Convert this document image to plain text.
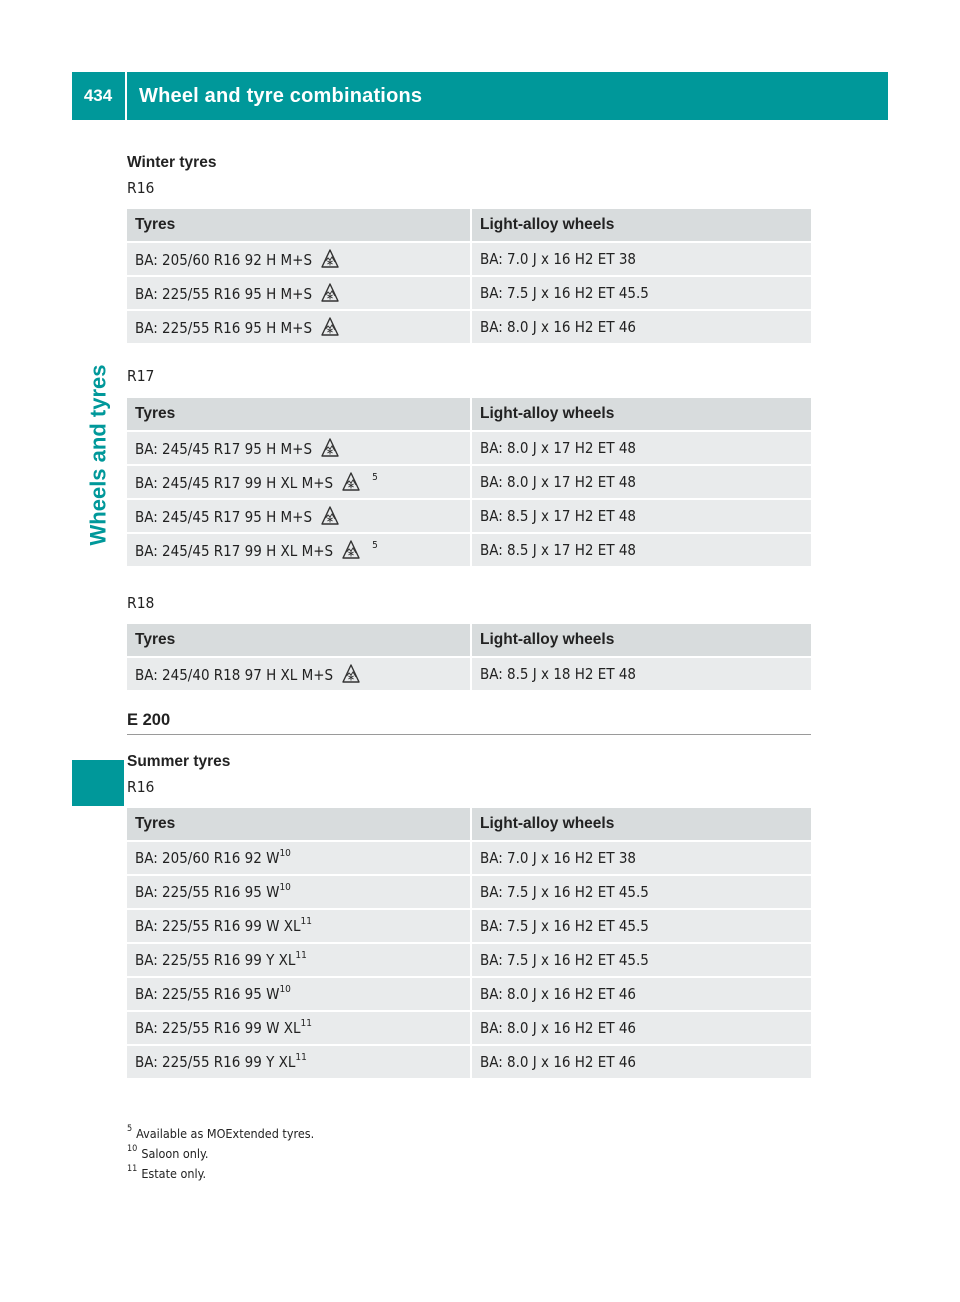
434	Wheel and tyre combinations
Wheels and tyres
Winter tyres
R16
Tyres	Light-alloy wheels
BA: 205/60 R16 92 H M+S	BA: 7.0 J x 16 H2 ET 38
BA: 225/55 R16 95 H M+S	BA: 7.5 J x 16 H2 ET 45.5
BA: 225/55 R16 95 H M+S	BA: 8.0 J x 16 H2 ET 46
R17
Tyres	Light-alloy wheels
BA: 245/45 R17 95 H M+S	BA: 8.0 J x 17 H2 ET 48
BA: 245/45 R17 99 H XL M+S $^5$	BA: 8.0 J x 17 H2 ET 48
BA: 245/45 R17 95 H M+S	BA: 8.5 J x 17 H2 ET 48
BA: 245/45 R17 99 H XL M+S $^5$	BA: 8.5 J x 17 H2 ET 48
R18
Tyres	Light-alloy wheels
BA: 245/40 R18 97 H XL M+S	BA: 8.5 J x 18 H2 ET 48
E 200
Summer tyres
R16
Tyres	Light-alloy wheels
BA: 205/60 R16 92 $W^{10}$	BA: 7.0 J x 16 H2 ET 38
BA: 225/55 R16 95 $W^{10}$	BA: 7.5 J x 16 H2 ET 45.5
BA: 225/55 R16 99 W XL$^{11}$	BA: 7.5 J x 16 H2 ET 45.5
BA: 225/55 R16 99 Y XL$^{11}$	BA: 7.5 J x 16 H2 ET 45.5
BA: 225/55 R16 95 $W^{10}$	BA: 8.0 J x 16 H2 ET 46
BA: 225/55 R16 99 W XL$^{11}$	BA: 8.0 J x 16 H2 ET 46
BA: 225/55 R16 99 Y XL$^{11}$	BA: 8.0 J x 16 H2 ET 46
$^5$ Available as MOExtended tyres.
$^{10}$ Saloon only.
$^{11}$ Estate only.
